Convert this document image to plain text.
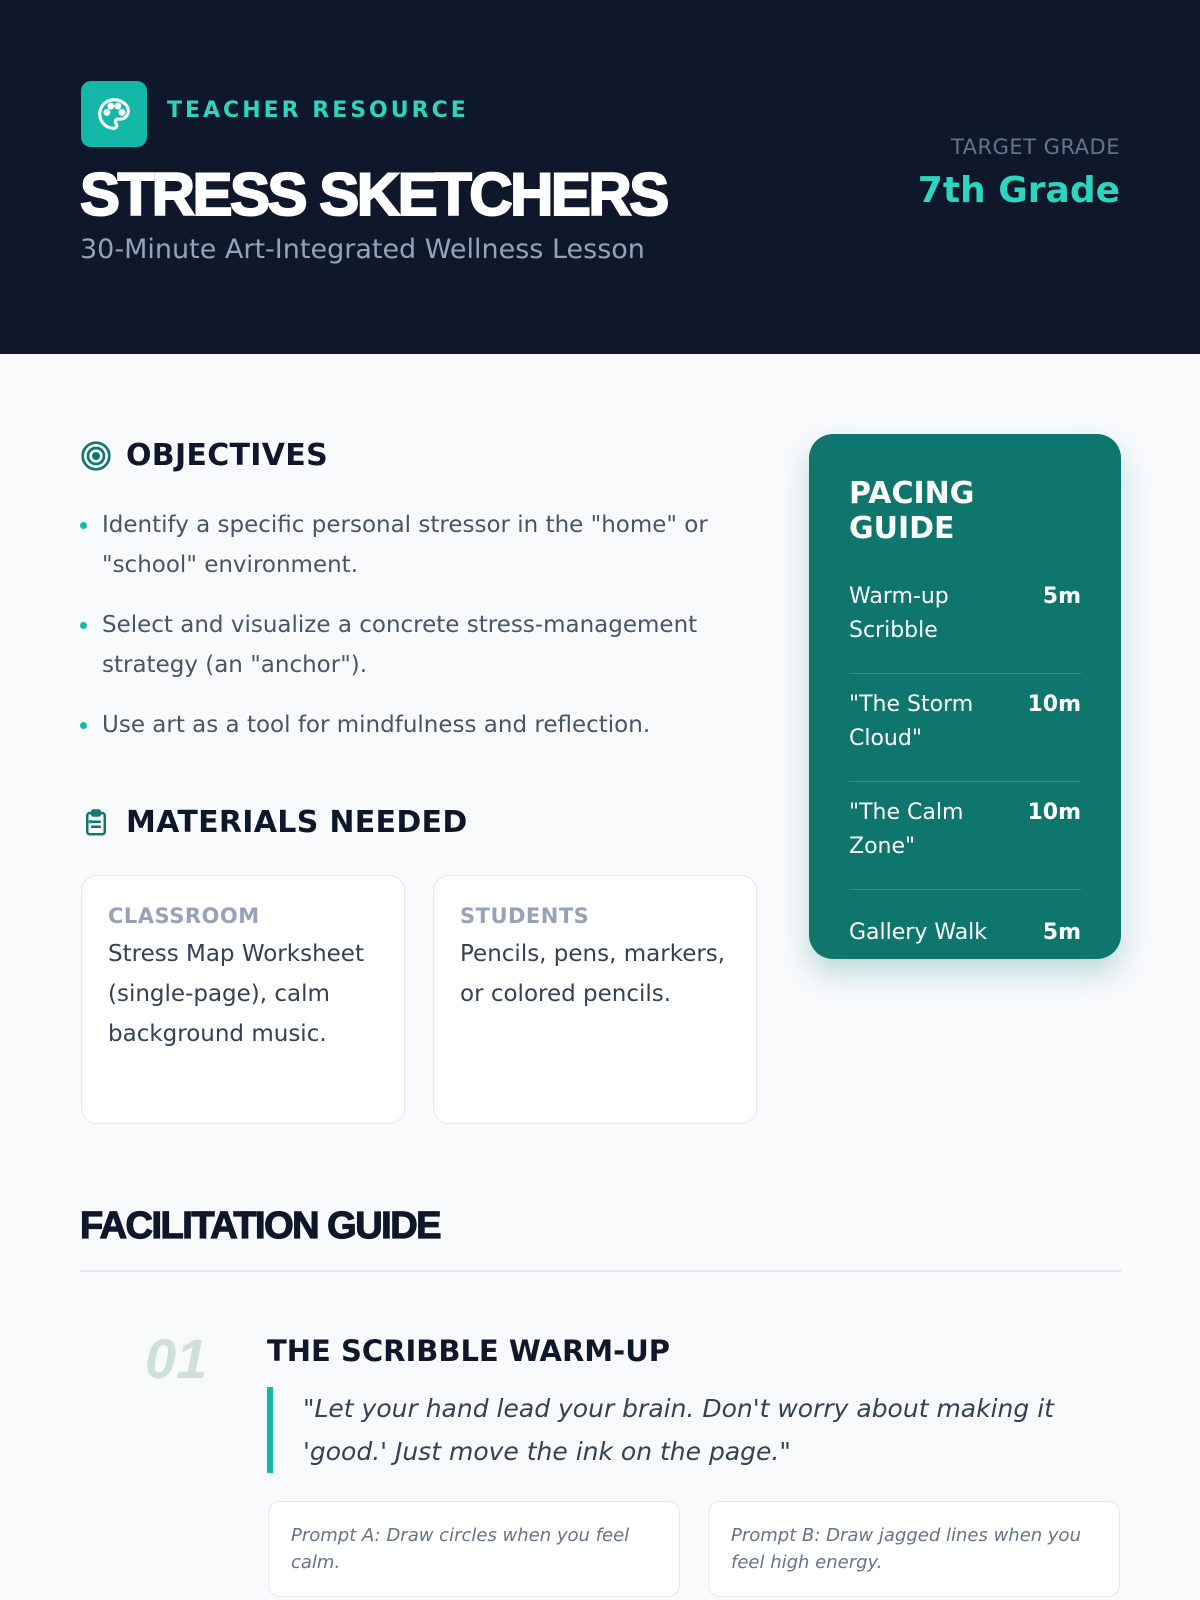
TEACHER RESOURCE
STRESS SKETCHERS
30-Minute Art-Integrated Wellness Lesson
TARGET GRADE
7th Grade
OBJECTIVES
Identify a specific personal stressor in the "home" or "school" environment.
Select and visualize a concrete stress-management strategy (an "anchor").
Use art as a tool for mindfulness and reflection.
MATERIALS NEEDED
CLASSROOM
Stress Map Worksheet (single-page), calm background music.
STUDENTS
Pencils, pens, markers, or colored pencils.
PACING GUIDE
Warm-up Scribble
5m
"The Storm Cloud"
10m
"The Calm Zone"
10m
Gallery Walk	5m
FACILITATION GUIDE
01 THE SCRIBBLE WARM-UP
"Let your hand lead your brain. Don't worry about making it 'good.' Just move the ink on the page."
Prompt A: Draw circles when you feel calm.
Prompt B: Draw jagged lines when you feel high energy.
